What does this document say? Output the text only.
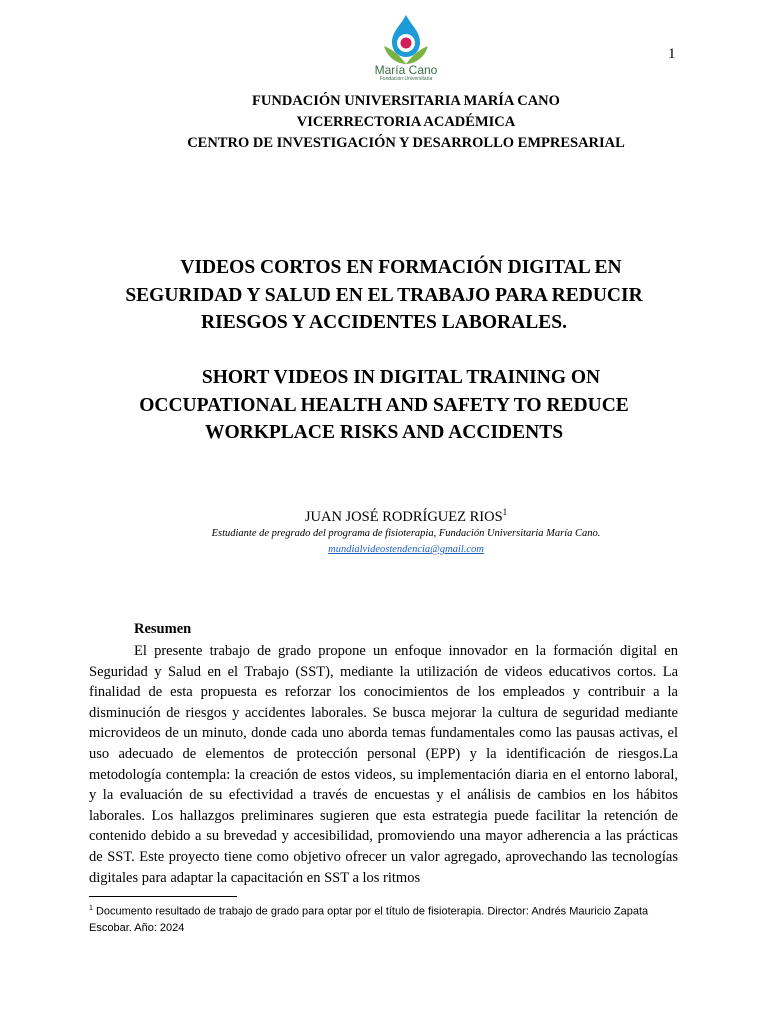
María Cano
Fundación Universitaria
1
FUNDACIÓN UNIVERSITARIA MARÍA CANO
VICERRECTORIA ACADÉMICA
CENTRO DE INVESTIGACIÓN Y DESARROLLO EMPRESARIAL
VIDEOS CORTOS EN FORMACIÓN DIGITAL EN
SEGURIDAD Y SALUD EN EL TRABAJO PARA REDUCIR
RIESGOS Y ACCIDENTES LABORALES.
SHORT VIDEOS IN DIGITAL TRAINING ON
OCCUPATIONAL HEALTH AND SAFETY TO REDUCE
WORKPLACE RISKS AND ACCIDENTS
JUAN JOSÉ RODRÍGUEZ RIOS$^1$
Estudiante de pregrado del programa de fisioterapia, Fundación Universitaria María Cano.
mundialvideostendencia@gmail.com
Resumen

El presente trabajo de grado propone un enfoque innovador en la formación digital en Seguridad y Salud en el Trabajo (SST), mediante la utilización de videos educativos cortos. La finalidad de esta propuesta es reforzar los conocimientos de los empleados y contribuir a la disminución de riesgos y accidentes laborales. Se busca mejorar la cultura de seguridad mediante microvideos de un minuto, donde cada uno aborda temas fundamentales como las pausas activas, el uso adecuado de elementos de protección personal (EPP) y la identificación de riesgos.La metodología contempla: la creación de estos videos, su implementación diaria en el entorno laboral, y la evaluación de su efectividad a través de encuestas y el análisis de cambios en los hábitos laborales. Los hallazgos preliminares sugieren que esta estrategia puede facilitar la retención de contenido debido a su brevedad y accesibilidad, promoviendo una mayor adherencia a las prácticas de SST. Este proyecto tiene como objetivo ofrecer un valor agregado, aprovechando las tecnologías digitales para adaptar la capacitación en SST a los ritmos

$^1$ Documento resultado de trabajo de grado para optar por el título de fisioterapia. Director: Andrés Mauricio Zapata Escobar. Año: 2024
